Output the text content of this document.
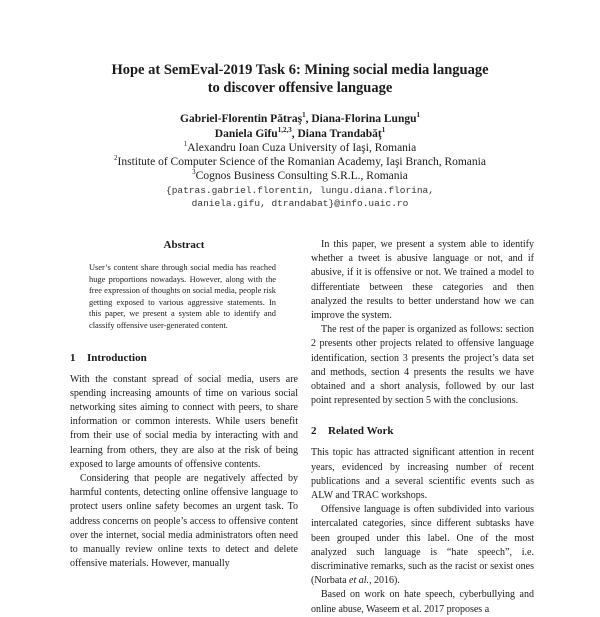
Hope at SemEval-2019 Task 6: Mining social media language
to discover offensive language
Gabriel-Florentin Pătraş$^1$, Diana-Florina Lungu$^1$
Daniela Gîfu$^{1,2,3}$, Diana Trandabăţ$^1$
$^1$Alexandru Ioan Cuza University of Iaşi, Romania
$^2$Institute of Computer Science of the Romanian Academy, Iaşi Branch, Romania
$^3$Cognos Business Consulting S.R.L., Romania
{patras.gabriel.florentin, lungu.diana.florina,
daniela.gifu, dtrandabat}@info.uaic.ro
Abstract
User’s content share through social media has reached huge proportions nowadays. However, along with the free expression of thoughts on social media, people risk getting exposed to various aggressive statements. In this paper, we present a system able to identify and classify offensive user-generated content.
1 Introduction

With the constant spread of social media, users are spending increasing amounts of time on various social networking sites aiming to connect with peers, to share information or common interests. While users benefit from their use of social media by interacting with and learning from others, they are also at the risk of being exposed to large amounts of offensive contents.

Considering that people are negatively affected by harmful contents, detecting online offensive language to protect users online safety becomes an urgent task. To address concerns on people’s access to offensive content over the internet, social media administrators often need to manually review online texts to detect and delete offensive materials. However, manually

In this paper, we present a system able to identify whether a tweet is abusive language or not, and if abusive, if it is offensive or not. We trained a model to differentiate between these categories and then analyzed the results to better understand how we can improve the system.

The rest of the paper is organized as follows: section 2 presents other projects related to offensive language identification, section 3 presents the project’s data set and methods, section 4 presents the results we have obtained and a short analysis, followed by our last point represented by section 5 with the conclusions.

2 Related Work

This topic has attracted significant attention in recent years, evidenced by increasing number of recent publications and a several scientific events such as ALW and TRAC workshops.

Offensive language is often subdivided into various intercalated categories, since different subtasks have been grouped under this label. One of the most analyzed such language is “hate speech”, i.e. discriminative remarks, such as the racist or sexist ones (Norbata et al., 2016).

Based on work on hate speech, cyberbullying and online abuse, Waseem et al. 2017 proposes a
